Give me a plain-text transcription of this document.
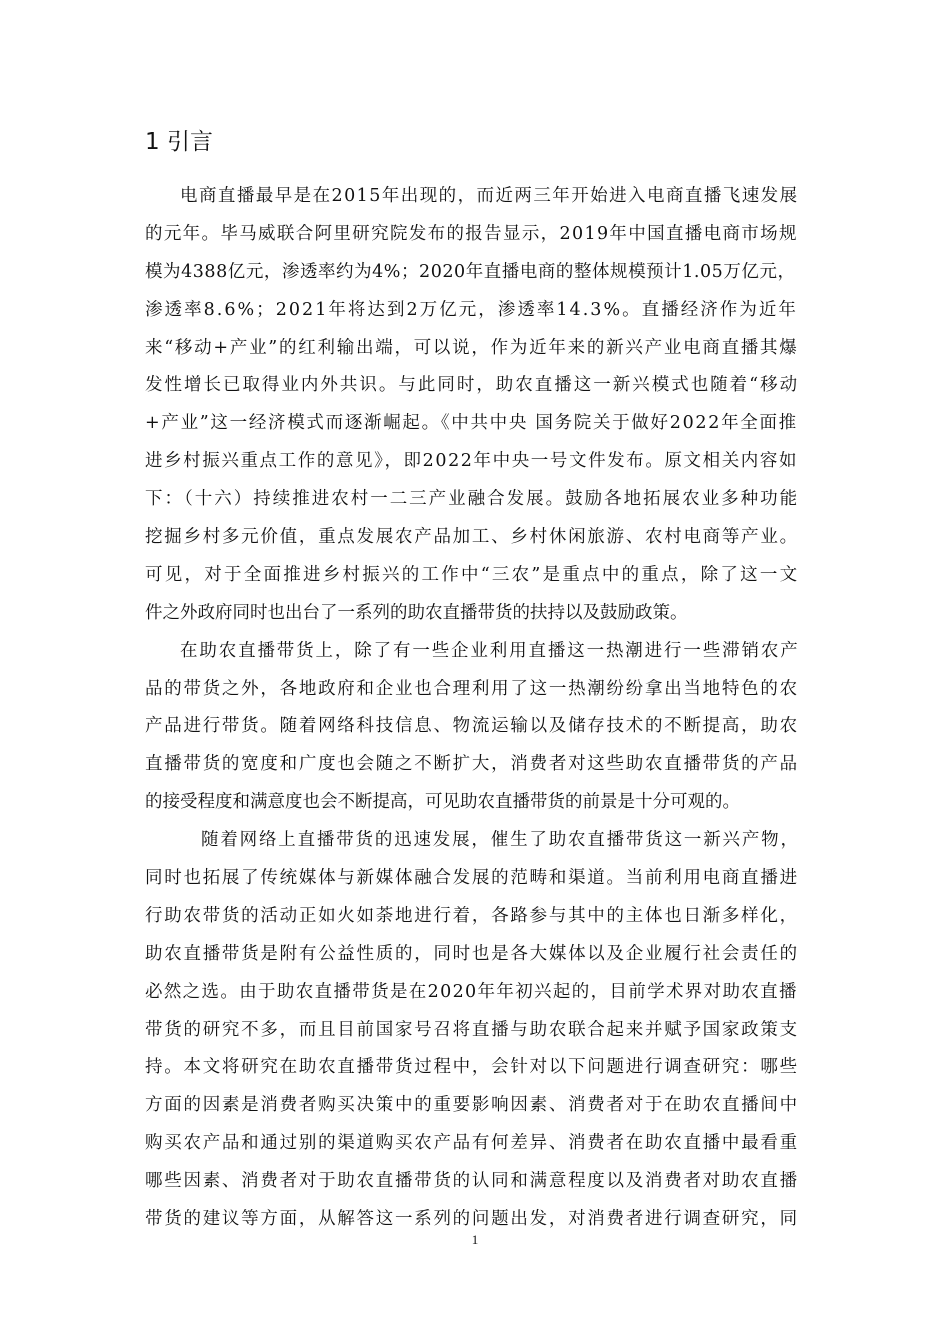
1 引言
电商直播最早是在2015年出现的，而近两三年开始进入电商直播飞速发展
的元年。毕马威联合阿里研究院发布的报告显示，2019年中国直播电商市场规
模为4388亿元，渗透率约为4%；2020年直播电商的整体规模预计1.05万亿元，
渗透率8.6%；2021年将达到2万亿元，渗透率14.3%。直播经济作为近年
来“移动+产业”的红利输出端，可以说，作为近年来的新兴产业电商直播其爆
发性增长已取得业内外共识。与此同时，助农直播这一新兴模式也随着“移动
+产业”这一经济模式而逐渐崛起。《中共中央 国务院关于做好2022年全面推
进乡村振兴重点工作的意见》，即2022年中央一号文件发布。原文相关内容如
下：（十六）持续推进农村一二三产业融合发展。鼓励各地拓展农业多种功能
挖掘乡村多元价值，重点发展农产品加工、乡村休闲旅游、农村电商等产业。
可见，对于全面推进乡村振兴的工作中“三农”是重点中的重点，除了这一文
件之外政府同时也出台了一系列的助农直播带货的扶持以及鼓励政策。
在助农直播带货上，除了有一些企业利用直播这一热潮进行一些滞销农产
品的带货之外，各地政府和企业也合理利用了这一热潮纷纷拿出当地特色的农
产品进行带货。随着网络科技信息、物流运输以及储存技术的不断提高，助农
直播带货的宽度和广度也会随之不断扩大，消费者对这些助农直播带货的产品
的接受程度和满意度也会不断提高，可见助农直播带货的前景是十分可观的。
随着网络上直播带货的迅速发展，催生了助农直播带货这一新兴产物，
同时也拓展了传统媒体与新媒体融合发展的范畴和渠道。当前利用电商直播进
行助农带货的活动正如火如荼地进行着，各路参与其中的主体也日渐多样化，
助农直播带货是附有公益性质的，同时也是各大媒体以及企业履行社会责任的
必然之选。由于助农直播带货是在2020年年初兴起的，目前学术界对助农直播
带货的研究不多，而且目前国家号召将直播与助农联合起来并赋予国家政策支
持。本文将研究在助农直播带货过程中，会针对以下问题进行调查研究：哪些
方面的因素是消费者购买决策中的重要影响因素、消费者对于在助农直播间中
购买农产品和通过别的渠道购买农产品有何差异、消费者在助农直播中最看重
哪些因素、消费者对于助农直播带货的认同和满意程度以及消费者对助农直播
带货的建议等方面，从解答这一系列的问题出发，对消费者进行调查研究，同
1
